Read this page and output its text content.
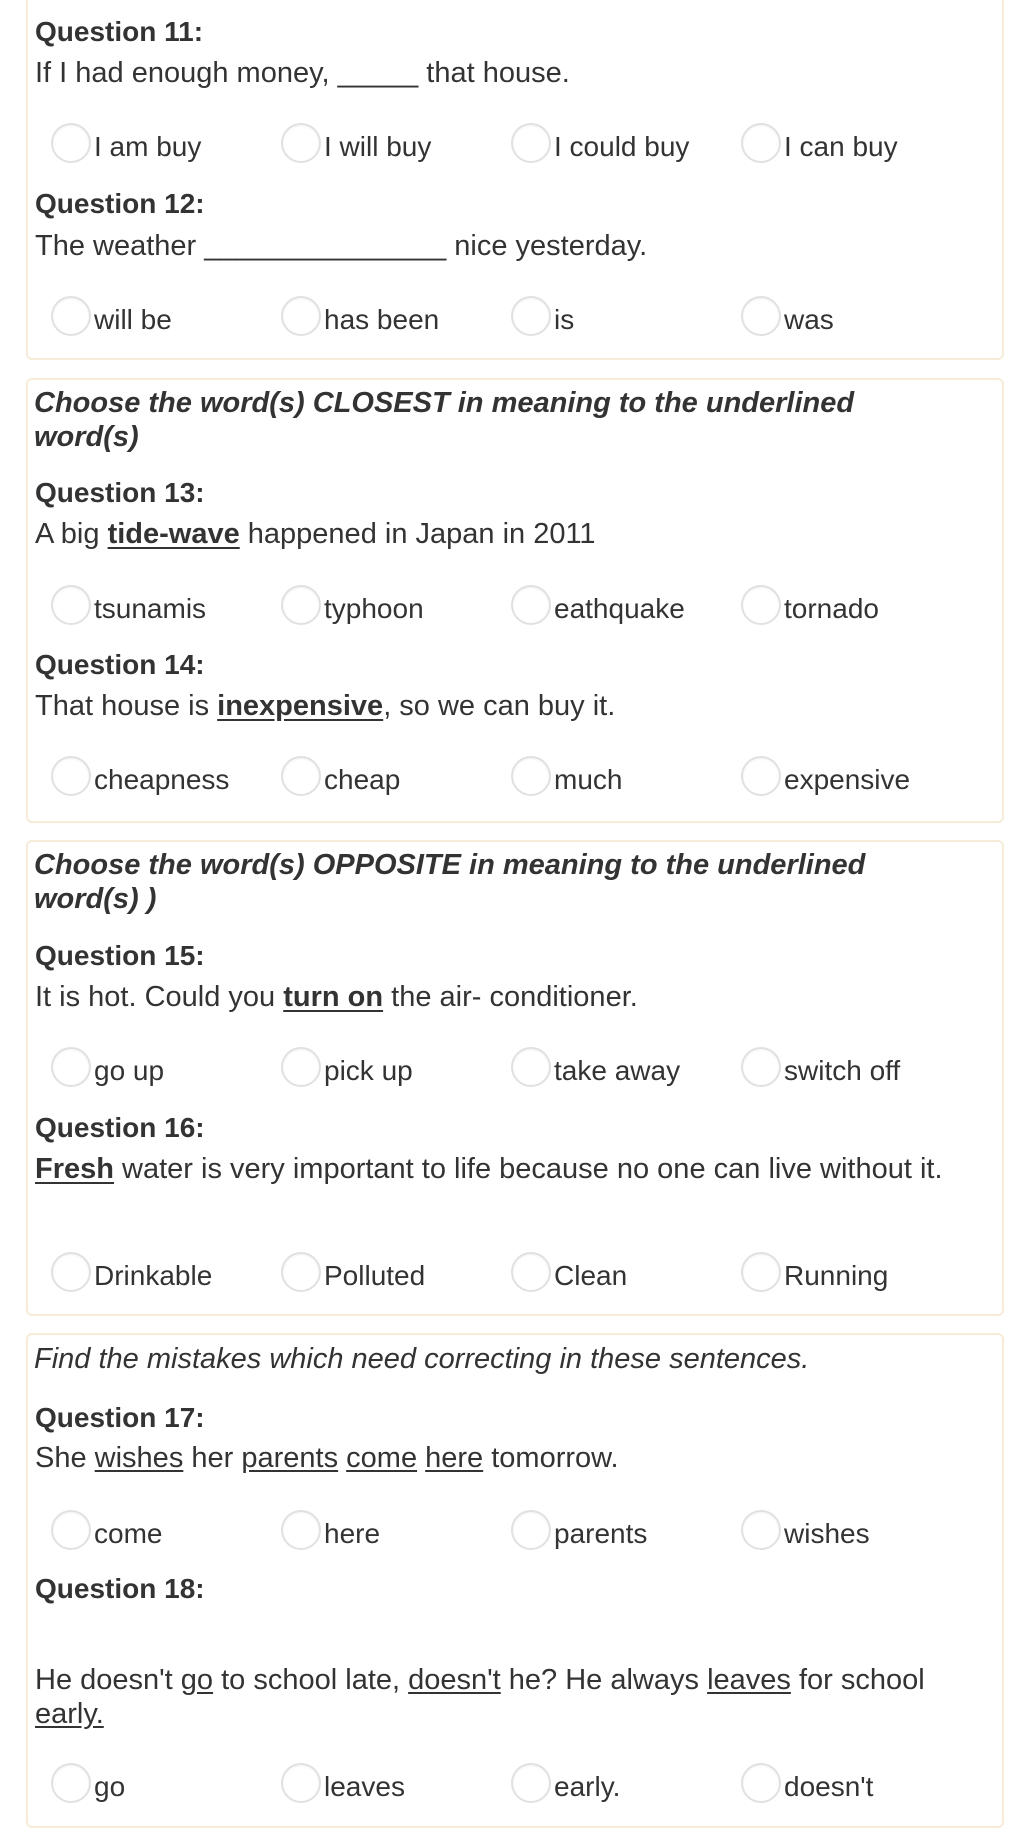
Question 11:
If I had enough money, _____ that house.
I am buy	I will buy	I could buy	I can buy
Question 12:
The weather _______________ nice yesterday.
will be	has been	is	was
Choose the word(s) CLOSEST in meaning to the underlined word(s)
Question 13:
A big tide-wave happened in Japan in 2011
tsunamis	typhoon	eathquake	tornado
Question 14:
That house is inexpensive, so we can buy it.
cheapness	cheap	much	expensive
Choose the word(s) OPPOSITE in meaning to the underlined word(s) )
Question 15:
It is hot. Could you turn on the air- conditioner.
go up	pick up	take away	switch off
Question 16:
Fresh water is very important to life because no one can live without it.
Drinkable	Polluted	Clean	Running
Find the mistakes which need correcting in these sentences.
Question 17:
She wishes her parents come here tomorrow.
come	here	parents	wishes
Question 18:
He doesn't go to school late, doesn't he? He always leaves for school early.
go	leaves	early.	doesn't
